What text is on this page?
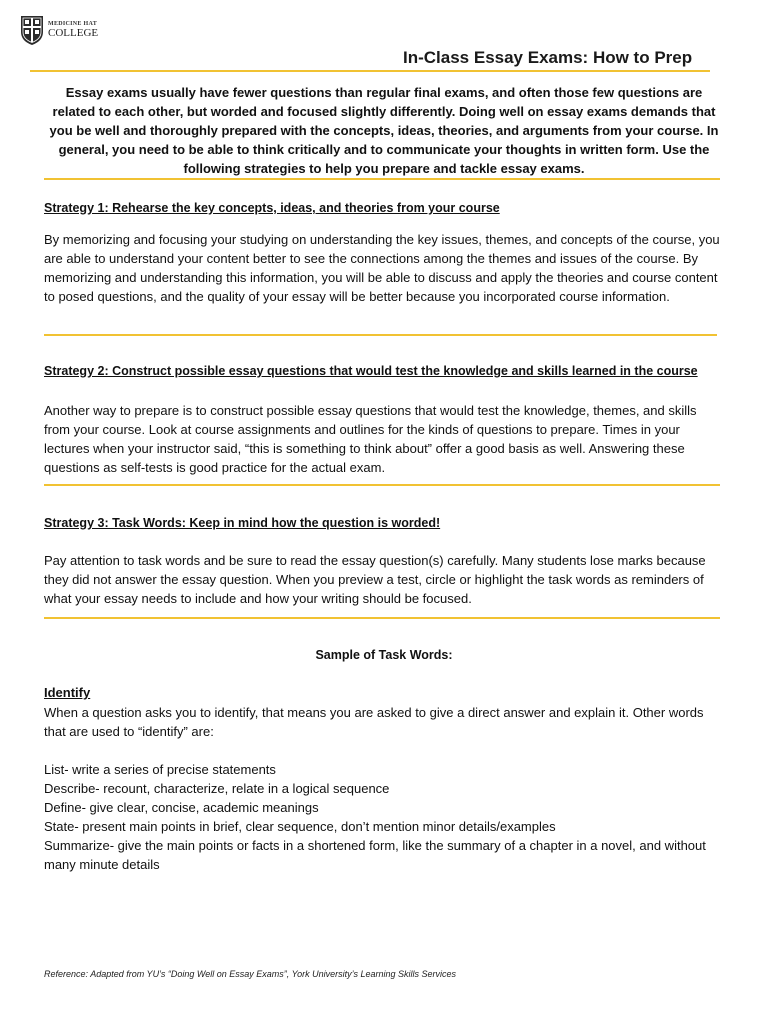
MEDICINE HAT
COLLEGE
In-Class Essay Exams: How to Prep
Essay exams usually have fewer questions than regular final exams, and often those few questions are related to each other, but worded and focused slightly differently. Doing well on essay exams demands that you be well and thoroughly prepared with the concepts, ideas, theories, and arguments from your course. In general, you need to be able to think critically and to communicate your thoughts in written form. Use the following strategies to help you prepare and tackle essay exams.
Strategy 1: Rehearse the key concepts, ideas, and theories from your course
By memorizing and focusing your studying on understanding the key issues, themes, and concepts of the course, you are able to understand your content better to see the connections among the themes and issues of the course. By memorizing and understanding this information, you will be able to discuss and apply the theories and course content to posed questions, and the quality of your essay will be better because you incorporated course information.
Strategy 2: Construct possible essay questions that would test the knowledge and skills learned in the course
Another way to prepare is to construct possible essay questions that would test the knowledge, themes, and skills from your course. Look at course assignments and outlines for the kinds of questions to prepare. Times in your lectures when your instructor said, “this is something to think about” offer a good basis as well. Answering these questions as self-tests is good practice for the actual exam.
Strategy 3: Task Words: Keep in mind how the question is worded!
Pay attention to task words and be sure to read the essay question(s) carefully. Many students lose marks because they did not answer the essay question. When you preview a test, circle or highlight the task words as reminders of what your essay needs to include and how your writing should be focused.
Sample of Task Words:
Identify
When a question asks you to identify, that means you are asked to give a direct answer and explain it. Other words that are used to “identify” are:
List- write a series of precise statements
Describe- recount, characterize, relate in a logical sequence
Define- give clear, concise, academic meanings
State- present main points in brief, clear sequence, don’t mention minor details/examples
Summarize- give the main points or facts in a shortened form, like the summary of a chapter in a novel, and without many minute details
Reference: Adapted from YU’s “Doing Well on Essay Exams”, York University’s Learning Skills Services
